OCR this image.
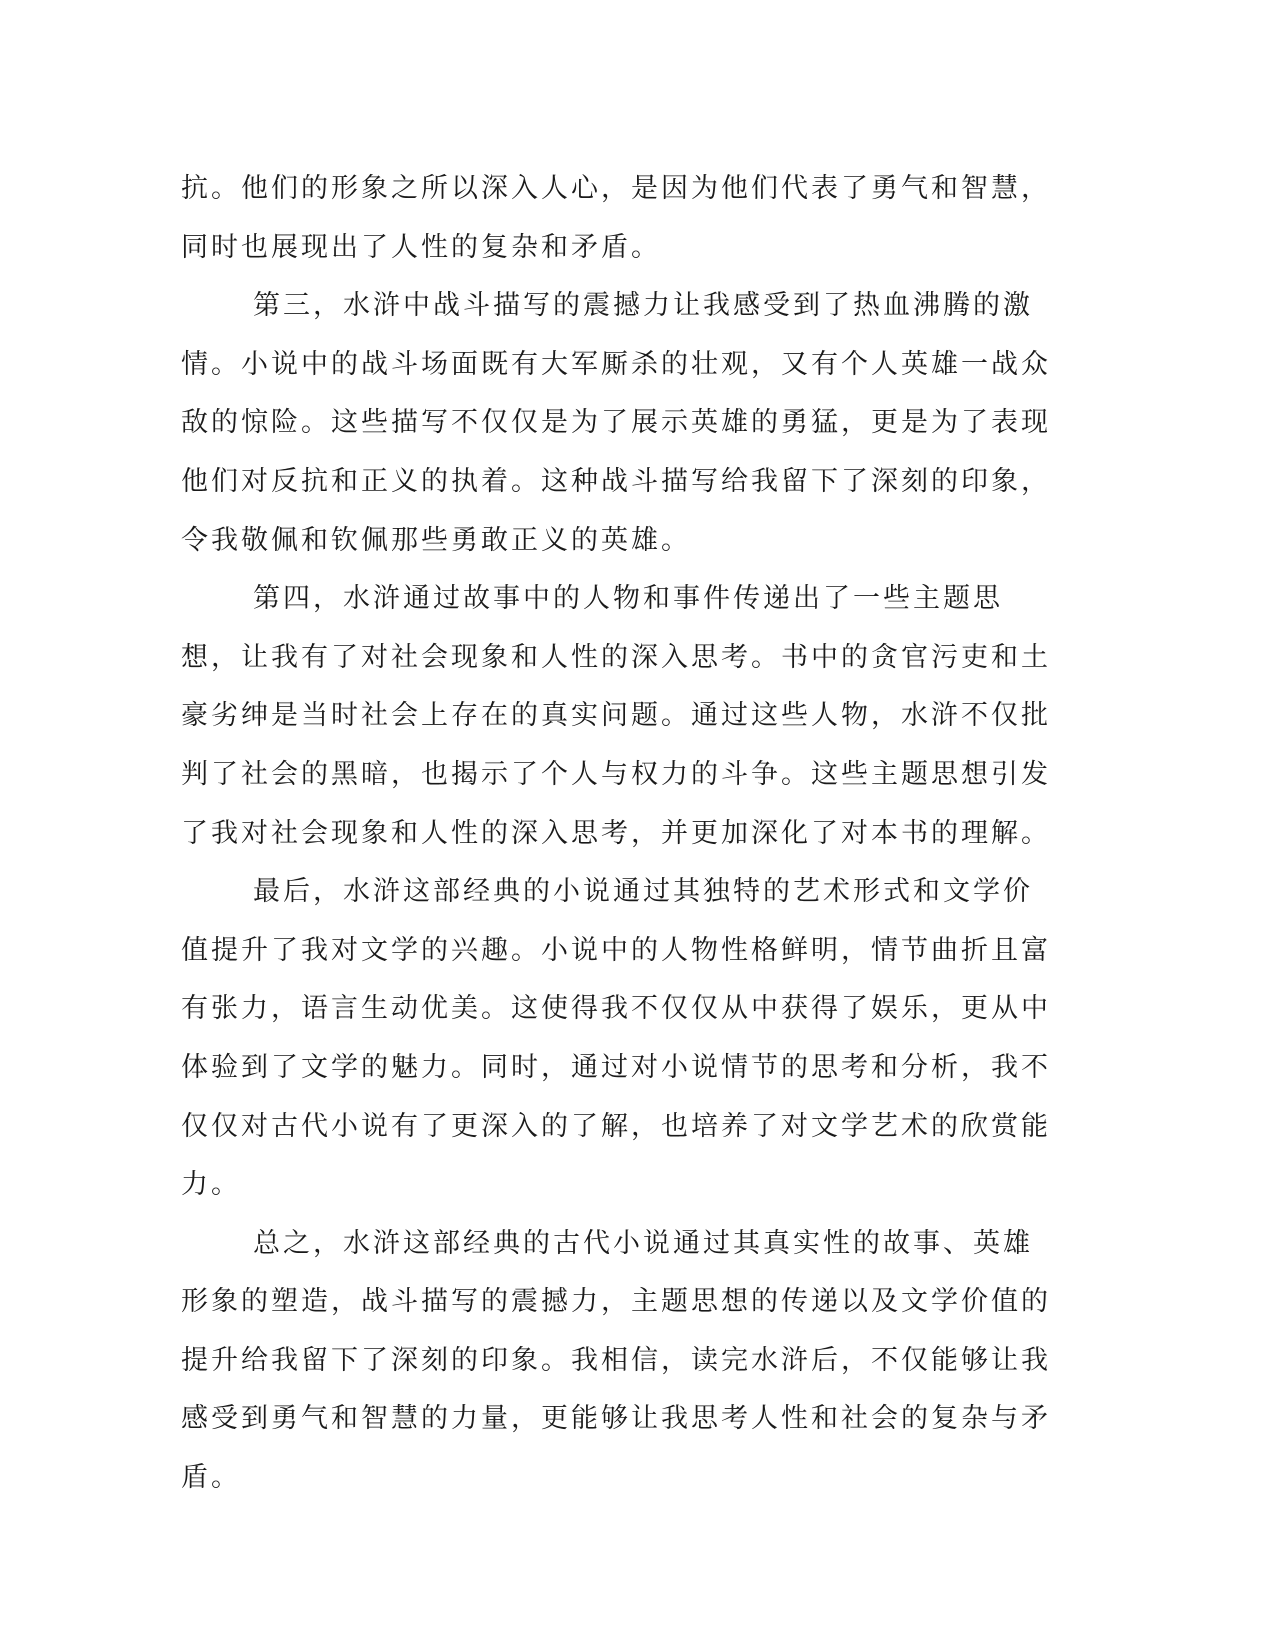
抗。他们的形象之所以深入人心，是因为他们代表了勇气和智慧，同时也展现出了人性的复杂和矛盾。

第三，水浒中战斗描写的震撼力让我感受到了热血沸腾的激情。小说中的战斗场面既有大军厮杀的壮观，又有个人英雄一战众敌的惊险。这些描写不仅仅是为了展示英雄的勇猛，更是为了表现他们对反抗和正义的执着。这种战斗描写给我留下了深刻的印象，令我敬佩和钦佩那些勇敢正义的英雄。

第四，水浒通过故事中的人物和事件传递出了一些主题思想，让我有了对社会现象和人性的深入思考。书中的贪官污吏和土豪劣绅是当时社会上存在的真实问题。通过这些人物，水浒不仅批判了社会的黑暗，也揭示了个人与权力的斗争。这些主题思想引发了我对社会现象和人性的深入思考，并更加深化了对本书的理解。

最后，水浒这部经典的小说通过其独特的艺术形式和文学价值提升了我对文学的兴趣。小说中的人物性格鲜明，情节曲折且富有张力，语言生动优美。这使得我不仅仅从中获得了娱乐，更从中体验到了文学的魅力。同时，通过对小说情节的思考和分析，我不仅仅对古代小说有了更深入的了解，也培养了对文学艺术的欣赏能力。

总之，水浒这部经典的古代小说通过其真实性的故事、英雄形象的塑造，战斗描写的震撼力，主题思想的传递以及文学价值的提升给我留下了深刻的印象。我相信，读完水浒后，不仅能够让我感受到勇气和智慧的力量，更能够让我思考人性和社会的复杂与矛盾。
